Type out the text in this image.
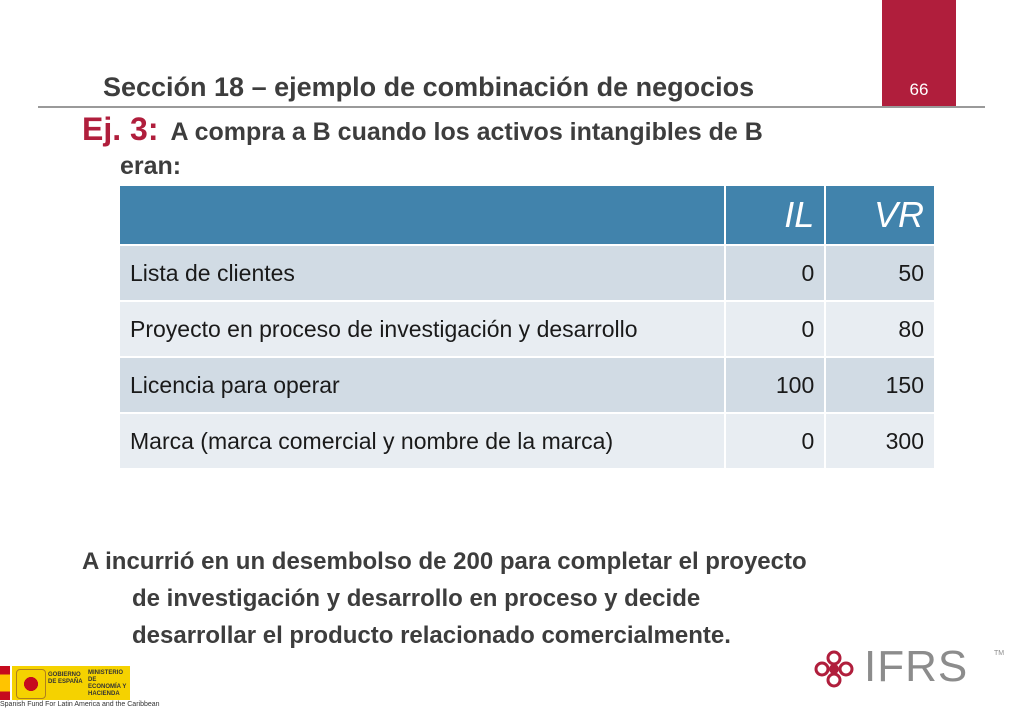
66
Sección 18 – ejemplo de combinación de negocios
Ej. 3: A compra a B cuando los activos intangibles de B
eran:
	IL	VR
Lista de clientes	0	50
Proyecto en proceso de investigación y desarrollo	0	80
Licencia para operar	100	150
Marca (marca comercial y nombre de la marca)	0	300
A incurrió en un desembolso de 200 para completar el proyecto
de investigación y desarrollo en proceso y decide
desarrollar el producto relacionado comercialmente.
GOBIERNO DE ESPAÑA
MINISTERIO DE ECONOMÍA Y HACIENDA
Spanish Fund For Latin America and the Caribbean
IFRS	TM
